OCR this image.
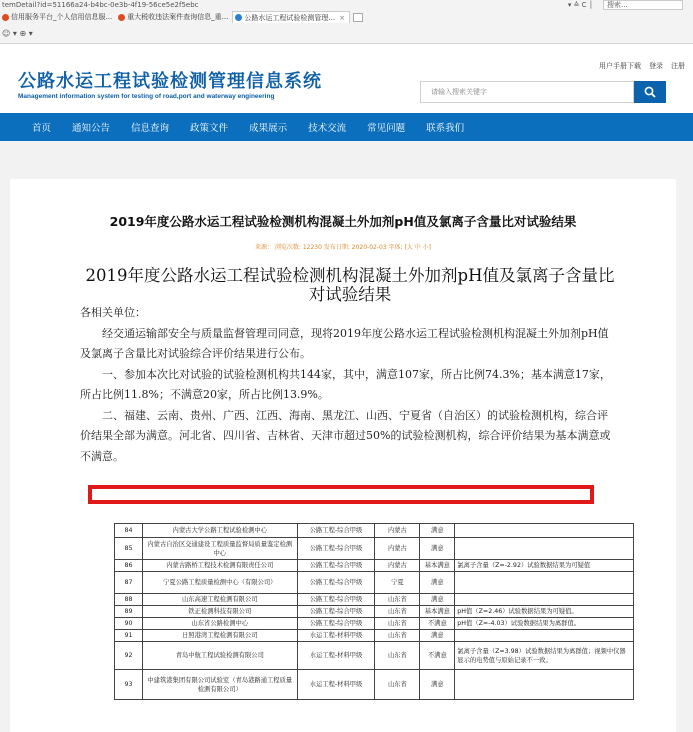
temDetail?id=51166a24-b4bc-0e3b-4f19-56ce5e2f5ebc	▾ ≙ C │	搜索...
信用服务平台_个人信用信息服... 重大税收违法案件查询信息_重... 公路水运工程试验检测管理... ×
☺ ▾ ⊕ ▾
用户手册下载 登录 注册
公路水运工程试验检测管理信息系统
Management information system for testing of road,port and waterway engineering
请输入搜索关键字
首页 通知公告 信息查询 政策文件 成果展示 技术交流 常见问题 联系我们
2019年度公路水运工程试验检测机构混凝土外加剂pH值及氯离子含量比对试验结果
来源： 浏览次数: 12230 发布日期: 2020-02-03 字体: [大 中 小]
2019年度公路水运工程试验检测机构混凝土外加剂pH值及氯离子含量比对试验结果

各相关单位：

经交通运输部安全与质量监督管理司同意，现将2019年度公路水运工程试验检测机构混凝土外加剂pH值及氯离子含量比对试验综合评价结果进行公布。

一、参加本次比对试验的试验检测机构共144家，其中，满意107家，所占比例74.3%；基本满意17家，所占比例11.8%；不满意20家，所占比例13.9%。

二、福建、云南、贵州、广西、江西、海南、黑龙江、山西、宁夏省（自治区）的试验检测机构，综合评价结果全部为满意。河北省、四川省、吉林省、天津市超过50%的试验检测机构，综合评价结果为基本满意或不满意。

84	内蒙古大学公路工程试验检测中心	公路工程-综合甲级	内蒙古	满意	
85	内蒙古自治区交通建设工程质量监督局质量鉴定检测中心	公路工程-综合甲级	内蒙古	满意	
86	内蒙古路桥工程技术检测有限责任公司	公路工程-综合甲级	内蒙古	基本满意	氯离子含量（Z=-2.92）试验数据结果为可疑值
87	宁夏公路工程质量检测中心（有限公司）	公路工程-综合甲级	宁夏	满意	
88	山东高速工程检测有限公司	公路工程-综合甲级	山东省	满意	
89	铁正检测科技有限公司	公路工程-综合甲级	山东省	基本满意	pH值（Z=2.46）试验数据结果为可疑值。
90	山东省公路检测中心	公路工程-综合甲级	山东省	不满意	pH值（Z=-4.03）试验数据结果为离群值。
91	日照港湾工程检测有限公司	水运工程-材料甲级	山东省	满意	
92	青岛中航工程试验检测有限公司	水运工程-材料甲级	山东省	不满意	氯离子含量（Z=3.98）试验数据结果为离群值；视频中仪器显示的电势值与原始记录不一致。
93	中建筑港集团有限公司试验室（青岛港路通工程质量检测有限公司）	水运工程-材料甲级	山东省	满意	
